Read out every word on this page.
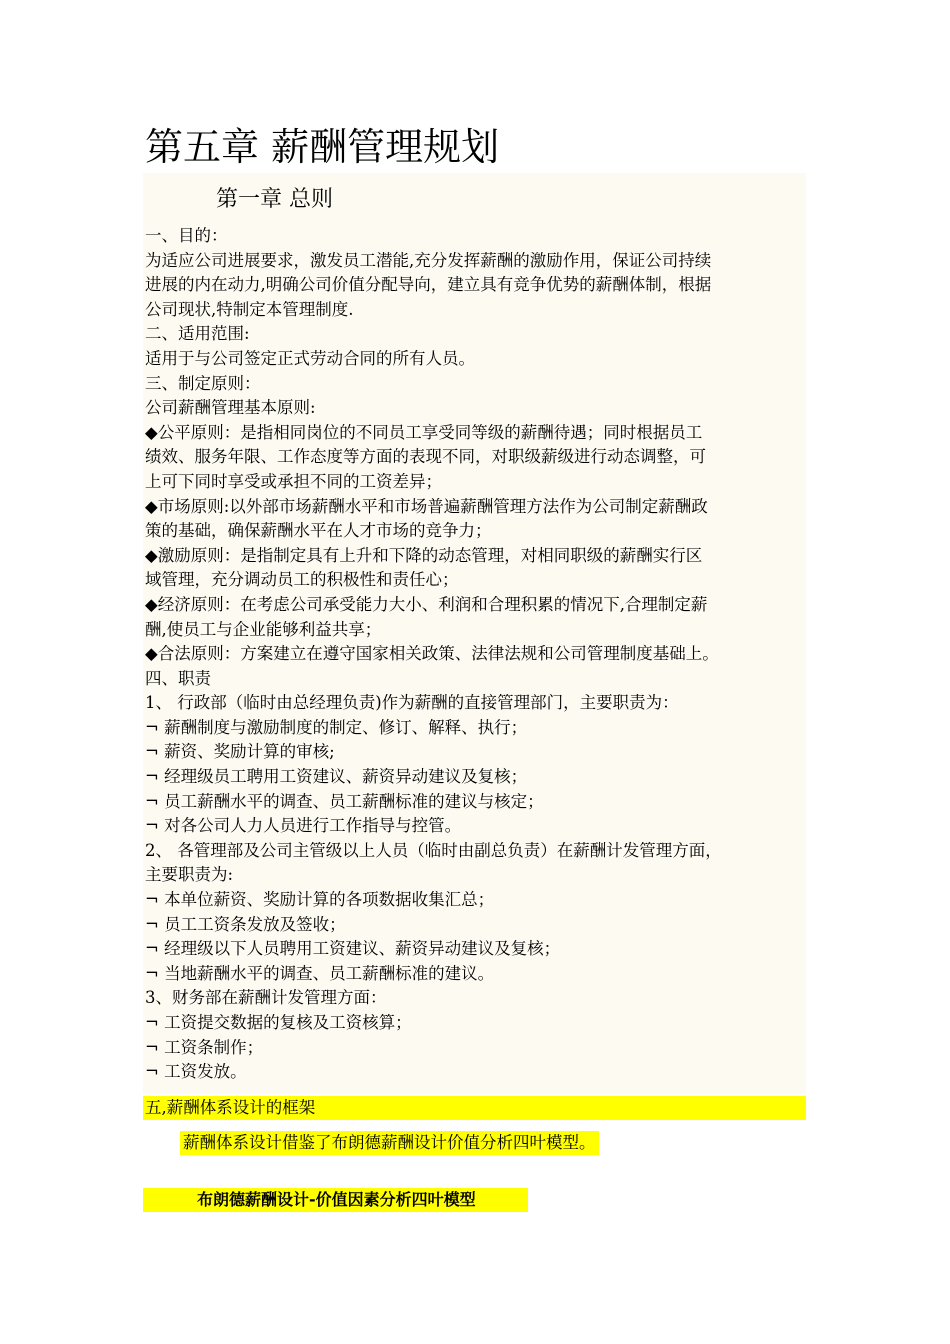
第五章 薪酬管理规划
第一章 总则
一、目的：
为适应公司进展要求，激发员工潜能,充分发挥薪酬的激励作用，保证公司持续
进展的内在动力,明确公司价值分配导向，建立具有竞争优势的薪酬体制，根据
公司现状,特制定本管理制度.
二、适用范围:
适用于与公司签定正式劳动合同的所有人员。
三、制定原则：
公司薪酬管理基本原则:
◆公平原则：是指相同岗位的不同员工享受同等级的薪酬待遇；同时根据员工
绩效、服务年限、工作态度等方面的表现不同，对职级薪级进行动态调整，可
上可下同时享受或承担不同的工资差异；
◆市场原则:以外部市场薪酬水平和市场普遍薪酬管理方法作为公司制定薪酬政
策的基础，确保薪酬水平在人才市场的竞争力；
◆激励原则：是指制定具有上升和下降的动态管理，对相同职级的薪酬实行区
域管理，充分调动员工的积极性和责任心；
◆经济原则：在考虑公司承受能力大小、利润和合理积累的情况下,合理制定薪
酬,使员工与企业能够利益共享；
◆合法原则：方案建立在遵守国家相关政策、法律法规和公司管理制度基础上。
四、职责
1、 行政部（临时由总经理负责)作为薪酬的直接管理部门，主要职责为：
¬ 薪酬制度与激励制度的制定、修订、解释、执行；
¬ 薪资、奖励计算的审核;
¬ 经理级员工聘用工资建议、薪资异动建议及复核；
¬ 员工薪酬水平的调查、员工薪酬标准的建议与核定；
¬ 对各公司人力人员进行工作指导与控管。
2、 各管理部及公司主管级以上人员（临时由副总负责）在薪酬计发管理方面，
主要职责为:
¬ 本单位薪资、奖励计算的各项数据收集汇总；
¬ 员工工资条发放及签收；
¬ 经理级以下人员聘用工资建议、薪资异动建议及复核；
¬ 当地薪酬水平的调查、员工薪酬标准的建议。
3、财务部在薪酬计发管理方面：
¬ 工资提交数据的复核及工资核算；
¬ 工资条制作；
¬ 工资发放。
五,薪酬体系设计的框架
薪酬体系设计借鉴了布朗德薪酬设计价值分析四叶模型。
布朗德薪酬设计-价值因素分析四叶模型
